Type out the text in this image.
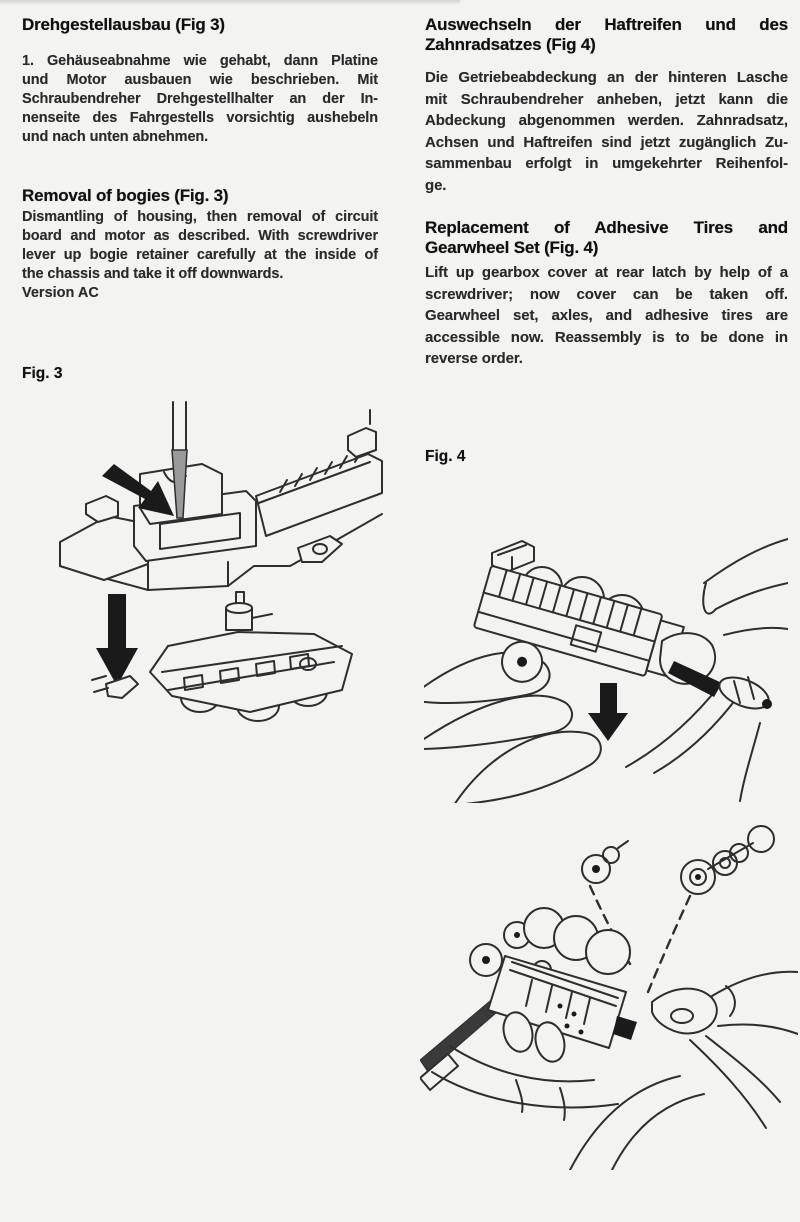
Drehgestellausbau (Fig 3)
1. Gehäuseabnahme wie gehabt, dann Platine
und Motor ausbauen wie beschrieben. Mit
Schraubendreher Drehgestellhalter an der In-
nenseite des Fahrgestells vorsichtig aushebeln
und nach unten abnehmen.
Removal of bogies (Fig. 3)
Dismantling of housing, then removal of circuit
board and motor as described. With screwdriver
lever up bogie retainer carefully at the inside of
the chassis and take it off downwards.
Version AC
Fig. 3
Auswechseln der Haftreifen und des
Zahnradsatzes (Fig 4)
Die Getriebeabdeckung an der hinteren Lasche
mit Schraubendreher anheben, jetzt kann die
Abdeckung abgenommen werden. Zahnradsatz,
Achsen und Haftreifen sind jetzt zugänglich Zu-
sammenbau erfolgt in umgekehrter Reihenfol-
ge.
Replacement of Adhesive Tires and
Gearwheel Set (Fig. 4)
Lift up gearbox cover at rear latch by help of a
screwdriver; now cover can be taken off.
Gearwheel set, axles, and adhesive tires are
accessible now. Reassembly is to be done in
reverse order.
Fig. 4
